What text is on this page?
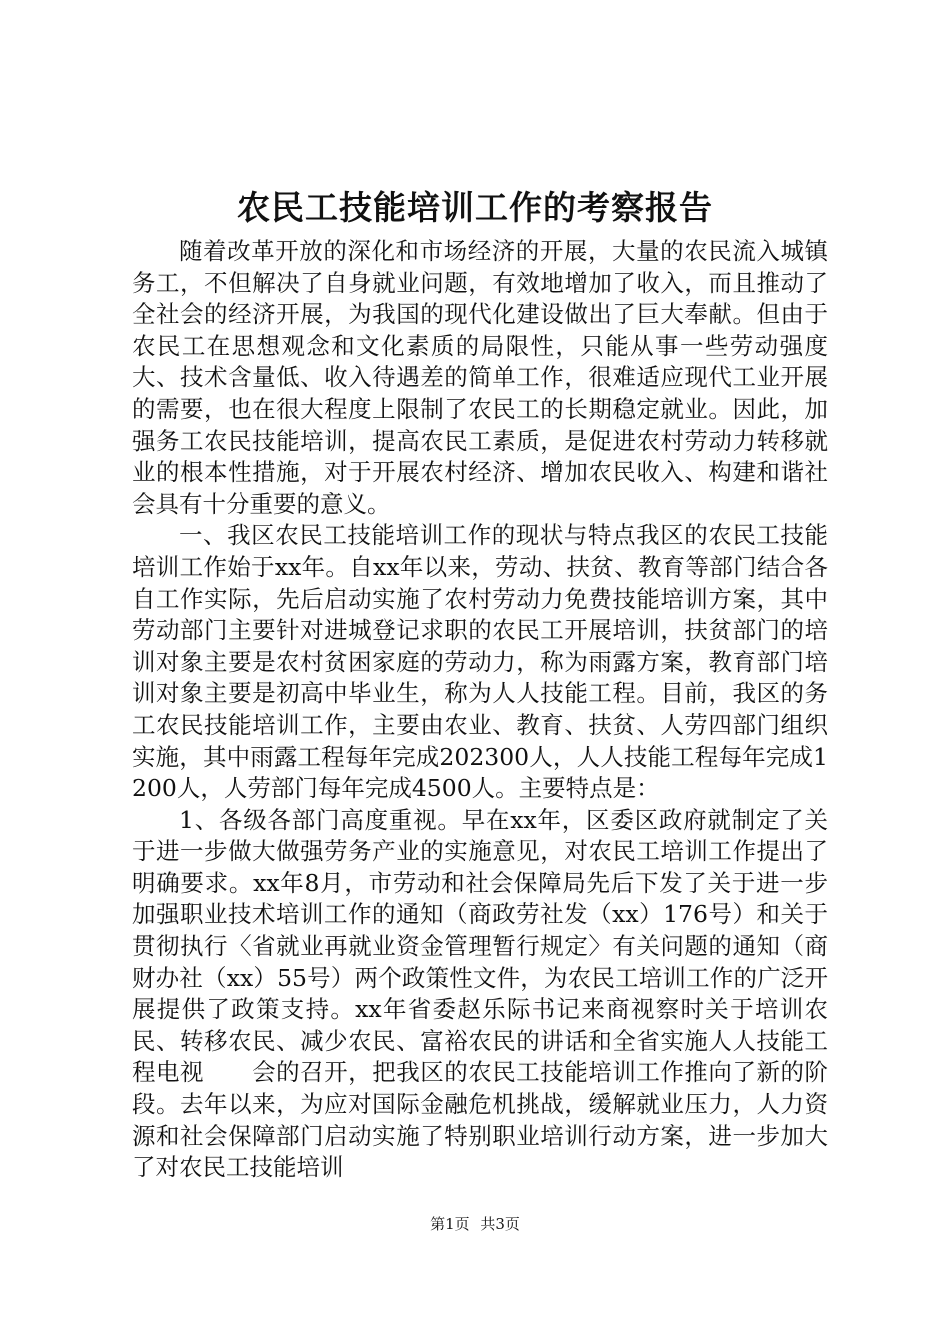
农民工技能培训工作的考察报告

随着改革开放的深化和市场经济的开展，大量的农民流入城镇务工，不但解决了自身就业问题，有效地增加了收入，而且推动了全社会的经济开展，为我国的现代化建设做出了巨大奉献。但由于农民工在思想观念和文化素质的局限性，只能从事一些劳动强度大、技术含量低、收入待遇差的简单工作，很难适应现代工业开展的需要，也在很大程度上限制了农民工的长期稳定就业。因此，加强务工农民技能培训，提高农民工素质，是促进农村劳动力转移就业的根本性措施，对于开展农村经济、增加农民收入、构建和谐社会具有十分重要的意义。

一、我区农民工技能培训工作的现状与特点我区的农民工技能培训工作始于xx年。自xx年以来，劳动、扶贫、教育等部门结合各自工作实际，先后启动实施了农村劳动力免费技能培训方案，其中劳动部门主要针对进城登记求职的农民工开展培训，扶贫部门的培训对象主要是农村贫困家庭的劳动力，称为雨露方案，教育部门培训对象主要是初高中毕业生，称为人人技能工程。目前，我区的务工农民技能培训工作，主要由农业、教育、扶贫、人劳四部门组织实施，其中雨露工程每年完成202300人，人人技能工程每年完成1200人，人劳部门每年完成4500人。主要特点是：

1、各级各部门高度重视。早在xx年，区委区政府就制定了关于进一步做大做强劳务产业的实施意见，对农民工培训工作提出了明确要求。xx年8月，市劳动和社会保障局先后下发了关于进一步加强职业技术培训工作的通知（商政劳社发（xx）176号）和关于贯彻执行〈省就业再就业资金管理暂行规定〉有关问题的通知（商财办社（xx）55号）两个政策性文件，为农民工培训工作的广泛开展提供了政策支持。xx年省委赵乐际书记来商视察时关于培训农民、转移农民、减少农民、富裕农民的讲话和全省实施人人技能工程电视　　会的召开，把我区的农民工技能培训工作推向了新的阶段。去年以来，为应对国际金融危机挑战，缓解就业压力，人力资源和社会保障部门启动实施了特别职业培训行动方案，进一步加大了对农民工技能培训

第1页 共3页
